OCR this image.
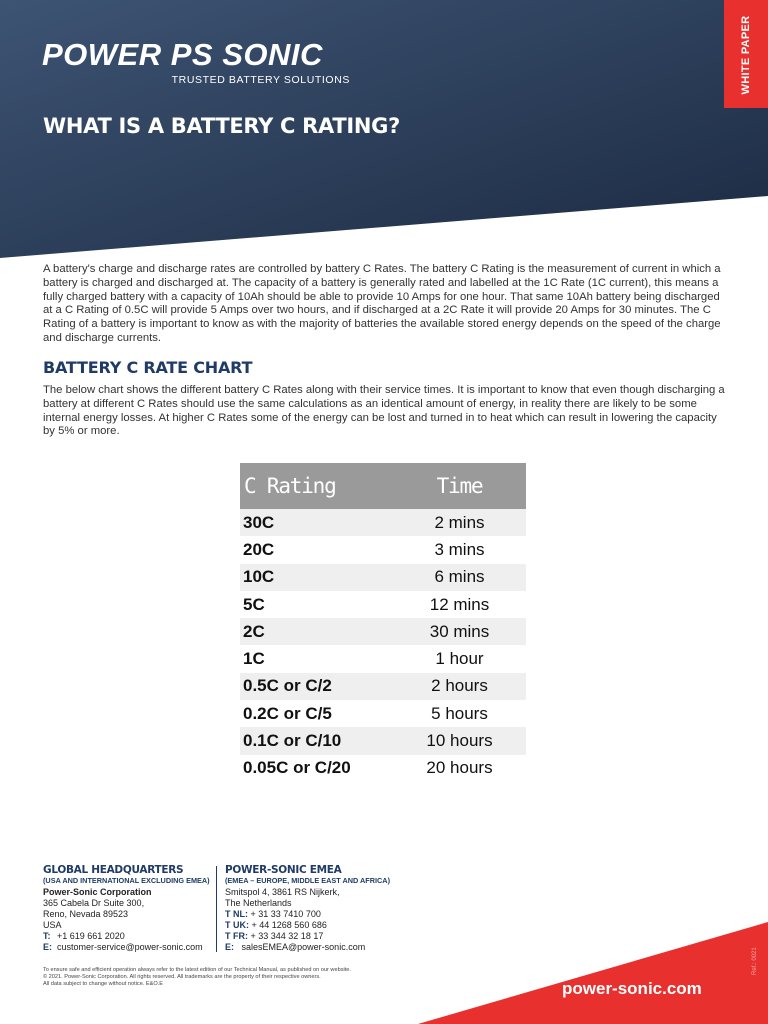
WHITE PAPER
POWER PS SONIC
TRUSTED BATTERY SOLUTIONS
WHAT IS A BATTERY C RATING?

A battery's charge and discharge rates are controlled by battery C Rates. The battery C Rating is the measurement of current in which a battery is charged and discharged at. The capacity of a battery is generally rated and labelled at the 1C Rate (1C current), this means a fully charged battery with a capacity of 10Ah should be able to provide 10 Amps for one hour. That same 10Ah battery being discharged at a C Rating of 0.5C will provide 5 Amps over two hours, and if discharged at a 2C Rate it will provide 20 Amps for 30 minutes. The C Rating of a battery is important to know as with the majority of batteries the available stored energy depends on the speed of the charge and discharge currents.

BATTERY C RATE CHART

The below chart shows the different battery C Rates along with their service times. It is important to know that even though discharging a battery at different C Rates should use the same calculations as an identical amount of energy, in reality there are likely to be some internal energy losses. At higher C Rates some of the energy can be lost and turned in to heat which can result in lowering the capacity by 5% or more.

C Rating	Time
30C	2 mins
20C	3 mins
10C	6 mins
5C	12 mins
2C	30 mins
1C	1 hour
0.5C or C/2	2 hours
0.2C or C/5	5 hours
0.1C or C/10	10 hours
0.05C or C/20	20 hours
GLOBAL HEADQUARTERS
(USA AND INTERNATIONAL EXCLUDING EMEA)
Power-Sonic Corporation
365 Cabela Dr Suite 300,
Reno, Nevada 89523
USA
T: +1 619 661 2020
E: customer-service@power-sonic.com
POWER-SONIC EMEA
(EMEA – EUROPE, MIDDLE EAST AND AFRICA)
Smitspol 4, 3861 RS Nijkerk,
The Netherlands
T NL: + 31 33 7410 700
T UK: + 44 1268 560 686
T FR: + 33 344 32 18 17
E: salesEMEA@power-sonic.com
To ensure safe and efficient operation always refer to the latest edition of our Technical Manual, as published on our website.
© 2021. Power-Sonic Corporation. All rights reserved. All trademarks are the property of their respective owners.
All data subject to change without notice. E&O.E	power-sonic.com
Ref.: 0021
